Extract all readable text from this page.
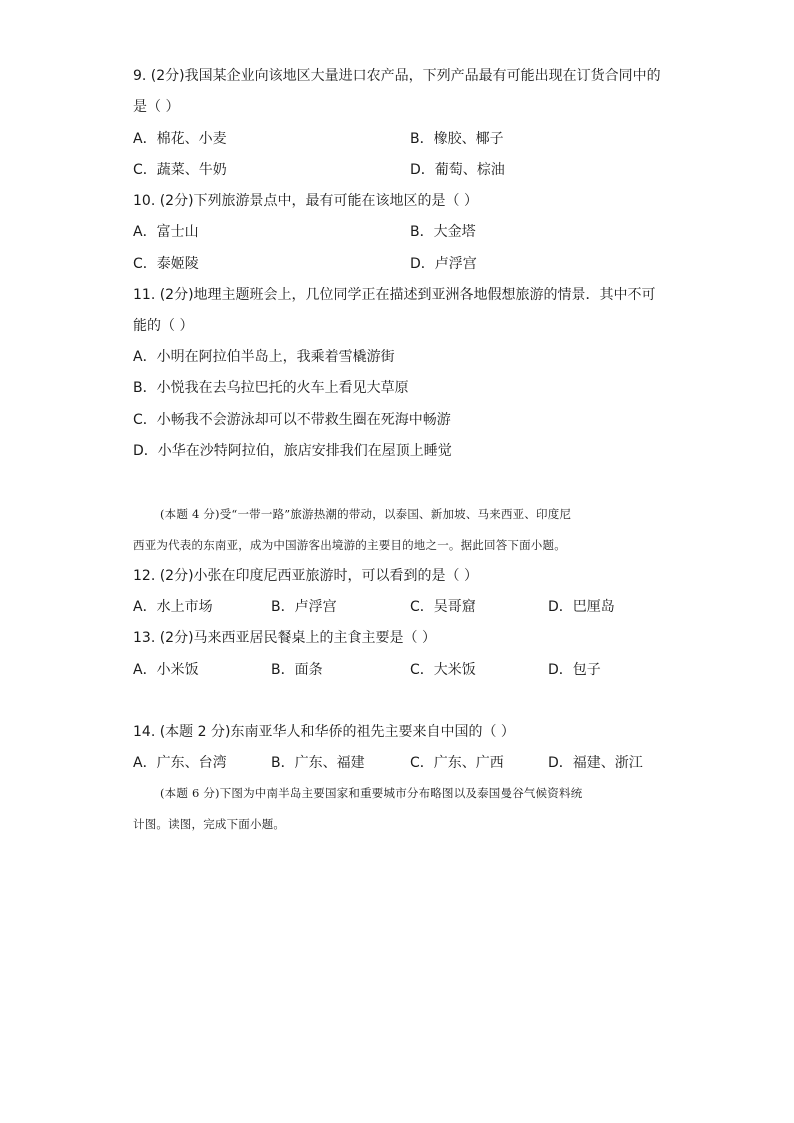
9. (2分)我国某企业向该地区大量进口农产品，下列产品最有可能出现在订货合同中的
是（ ）
A．棉花、小麦	B．橡胶、椰子
C．蔬菜、牛奶	D．葡萄、棕油
10. (2分)下列旅游景点中，最有可能在该地区的是（ ）
A．富士山	B．大金塔
C．泰姬陵	D．卢浮宫
11. (2分)地理主题班会上，几位同学正在描述到亚洲各地假想旅游的情景．其中不可
能的（ ）
A．小明在阿拉伯半岛上，我乘着雪橇游街
B．小悦我在去乌拉巴托的火车上看见大草原
C．小畅我不会游泳却可以不带救生圈在死海中畅游
D．小华在沙特阿拉伯，旅店安排我们在屋顶上睡觉
(本题 4 分)受“一带一路”旅游热潮的带动，以泰国、新加坡、马来西亚、印度尼
西亚为代表的东南亚，成为中国游客出境游的主要目的地之一。据此回答下面小题。
12. (2分)小张在印度尼西亚旅游时，可以看到的是（ ）
A．水上市场	B．卢浮宫	C．吴哥窟	D．巴厘岛
13. (2分)马来西亚居民餐桌上的主食主要是（ ）
A．小米饭	B．面条	C．大米饭	D．包子
14. (本题 2 分)东南亚华人和华侨的祖先主要来自中国的（ ）
A．广东、台湾	B．广东、福建	C．广东、广西	D．福建、浙江
(本题 6 分)下图为中南半岛主要国家和重要城市分布略图以及泰国曼谷气候资料统
计图。读图，完成下面小题。
